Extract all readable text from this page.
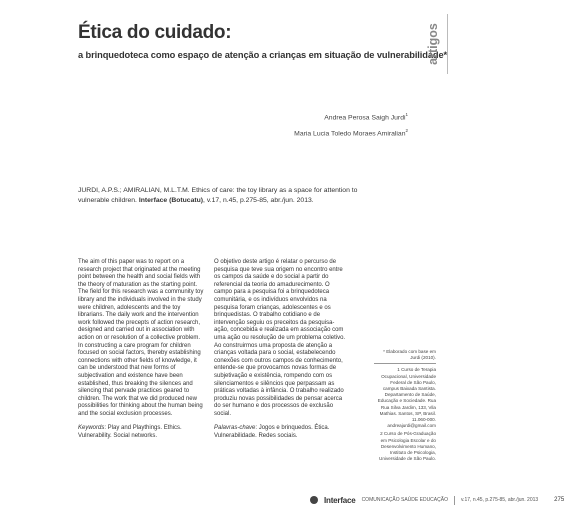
Ética do cuidado:
a brinquedoteca como espaço de atenção a crianças em situação de vulnerabilidade*
artigos
Andrea Perosa Saigh Jurdi$^1$
Maria Lucia Toledo Moraes Amiralian$^2$
JURDI, A.P.S.; AMIRALIAN, M.L.T.M. Ethics of care: the toy library as a space for attention to vulnerable children. Interface (Botucatu), v.17, n.45, p.275-85, abr./jun. 2013.

The aim of this paper was to report on a research project that originated at the meeting point between the health and social fields with the theory of maturation as the starting point. The field for this research was a community toy library and the individuals involved in the study were children, adolescents and the toy librarians. The daily work and the intervention work followed the precepts of action research, designed and carried out in association with action on or resolution of a collective problem. In constructing a care program for children focused on social factors, thereby establishing connections with other fields of knowledge, it can be understood that new forms of subjectivation and existence have been established, thus breaking the silences and silencing that pervade practices geared to children. The work that we did produced new possibilities for thinking about the human being and the social exclusion processes.

Keywords: Play and Playthings. Ethics. Vulnerability. Social networks.

O objetivo deste artigo é relatar o percurso de pesquisa que teve sua origem no encontro entre os campos da saúde e do social a partir do referencial da teoria do amadurecimento. O campo para a pesquisa foi a brinquedoteca comunitária, e os indivíduos envolvidos na pesquisa foram crianças, adolescentes e os brinquedistas. O trabalho cotidiano e de intervenção seguiu os preceitos da pesquisa-ação, concebida e realizada em associação com uma ação ou resolução de um problema coletivo. Ao construirmos uma proposta de atenção a crianças voltada para o social, estabelecendo conexões com outros campos de conhecimento, entende-se que provocamos novas formas de subjetivação e existência, rompendo com os silenciamentos e silêncios que perpassam as práticas voltadas à infância. O trabalho realizado produziu novas possibilidades de pensar acerca do ser humano e dos processos de exclusão social.

Palavras-chave: Jogos e brinquedos. Ética. Vulnerabilidade. Redes sociais.

* Elaborado com base em Jurdi (2010).

1 Curso de Terapia Ocupacional, Universidade Federal de São Paulo, campus Baixada Santista. Departamento de Saúde, Educação e Sociedade. Rua Rua Silva Jardim, 133, Vila Mathias. Santos, SP, Brasil. 11.060-000. andreajurdi@gmail.com

2 Curso de Pós-Graduação em Psicologia Escolar e do Desenvolvimento Humano, Instituto de Psicologia, Universidade de São Paulo.

Interface COMUNICAÇÃO SAÚDE EDUCAÇÃO	v.17, n.45, p.275-85, abr./jun. 2013	275
